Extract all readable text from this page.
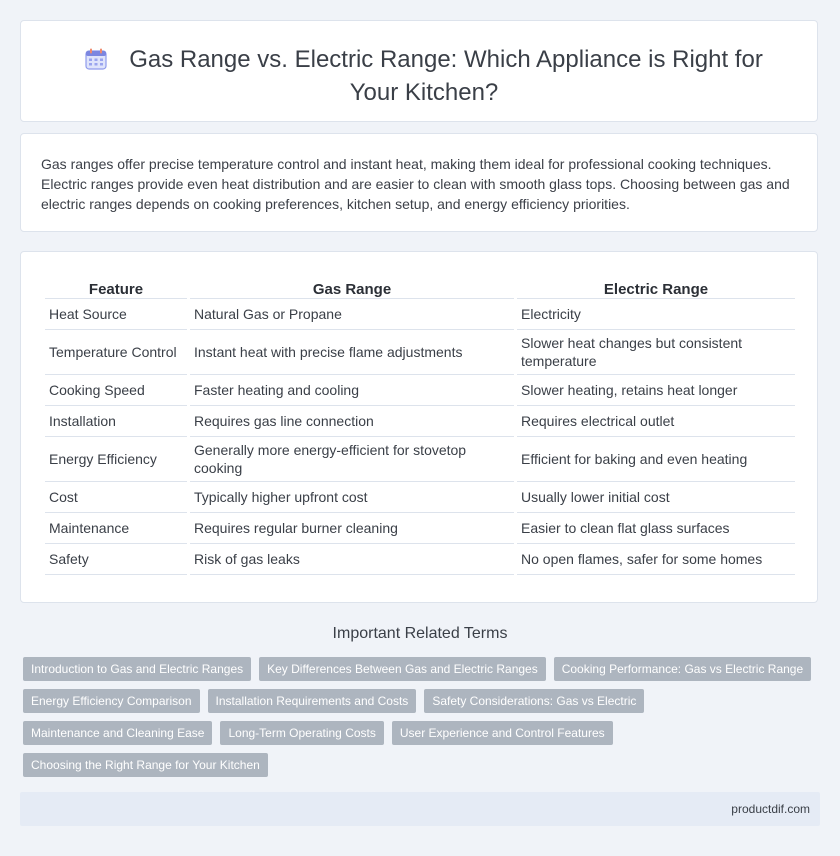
Gas Range vs. Electric Range: Which Appliance is Right for Your Kitchen?

Gas ranges offer precise temperature control and instant heat, making them ideal for professional cooking techniques. Electric ranges provide even heat distribution and are easier to clean with smooth glass tops. Choosing between gas and electric ranges depends on cooking preferences, kitchen setup, and energy efficiency priorities.

Feature	Gas Range	Electric Range
Heat Source	Natural Gas or Propane	Electricity
Temperature Control	Instant heat with precise flame adjustments	Slower heat changes but consistent temperature
Cooking Speed	Faster heating and cooling	Slower heating, retains heat longer
Installation	Requires gas line connection	Requires electrical outlet
Energy Efficiency	Generally more energy-efficient for stovetop cooking	Efficient for baking and even heating
Cost	Typically higher upfront cost	Usually lower initial cost
Maintenance	Requires regular burner cleaning	Easier to clean flat glass surfaces
Safety	Risk of gas leaks	No open flames, safer for some homes
Important Related Terms
Introduction to Gas and Electric Ranges	Key Differences Between Gas and Electric Ranges	Cooking Performance: Gas vs Electric Range
Energy Efficiency Comparison	Installation Requirements and Costs	Safety Considerations: Gas vs Electric
Maintenance and Cleaning Ease	Long-Term Operating Costs	User Experience and Control Features
Choosing the Right Range for Your Kitchen
productdif.com
